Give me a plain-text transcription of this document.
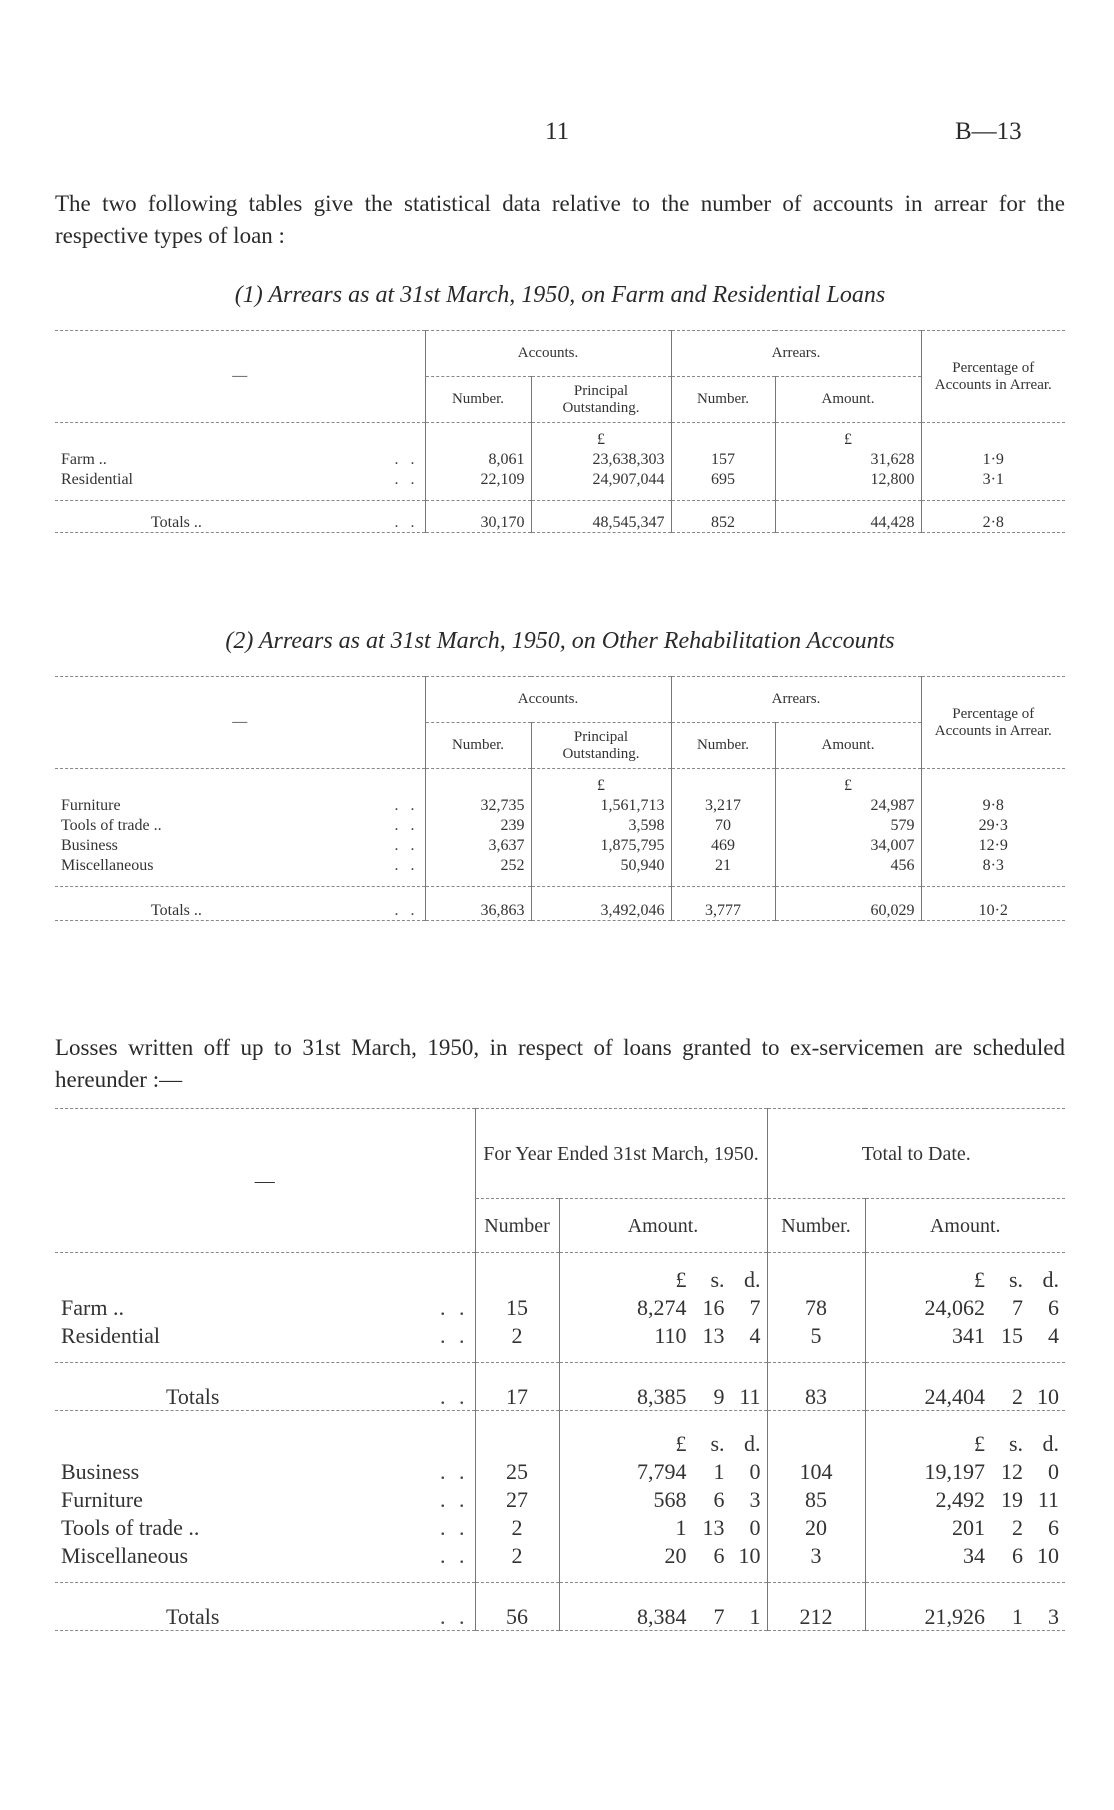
11	B—13
The two following tables give the statistical data relative to the number of accounts in arrear for the respective types of loan :
(1) Arrears as at 31st March, 1950, on Farm and Residential Loans
—	Accounts.		Arrears.		Percentage of Accounts in Arrear.
	Number.	Principal Outstanding.	Number.	Amount.	
		£		£	
Farm .. . .	8,061	23,638,303	157	31,628	1·9
Residential . .	22,109	24,907,044	695	12,800	3·1

Totals .. . .	30,170	48,545,347	852	44,428	2·8
(2) Arrears as at 31st March, 1950, on Other Rehabilitation Accounts
—	Accounts.		Arrears.		Percentage of Accounts in Arrear.
	Number.	Principal Outstanding.	Number.	Amount.	
		£		£	
Furniture . .	32,735	1,561,713	3,217	24,987	9·8
Tools of trade .. . .	239	3,598	70	579	29·3
Business . .	3,637	1,875,795	469	34,007	12·9
Miscellaneous . .	252	50,940	21	456	8·3

Totals .. . .	36,863	3,492,046	3,777	60,029	10·2
Losses written off up to 31st March, 1950, in respect of loans granted to ex-servicemen are scheduled hereunder :—
—	For Year Ended 31st March, 1950.		Total to Date.	
	Number	Amount.	Number.	Amount.

		£ s. d.		£ s. d.

Farm .. . .	15	8,274 16 7	78	24,062 7 6

Residential . .	2	110 13 4	5	341 15 4

Totals . .	17	8,385 9 11	83	24,404 2 10

		£ s. d.		£ s. d.

Business . .	25	7,794 1 0	104	19,197 12 0

Furniture . .	27	568 6 3	85	2,492 19 11

Tools of trade .. . .	2	1 13 0	20	201 2 6

Miscellaneous . .	2	20 6 10	3	34 6 10

Totals . .	56	8,384 7 1	212	21,926 1 3
